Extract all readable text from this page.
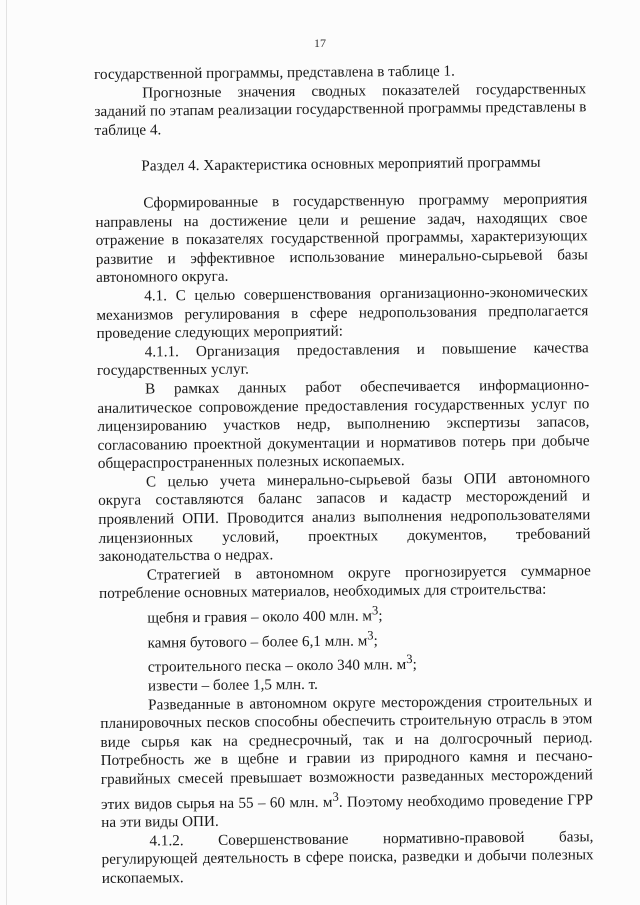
17

государственной программы, представлена в таблице 1.

Прогнозные значения сводных показателей государственных заданий по этапам реализации государственной программы представлены в таблице 4.

Раздел 4. Характеристика основных мероприятий программы

Сформированные в государственную программу мероприятия направлены на достижение цели и решение задач, находящих свое отражение в показателях государственной программы, характеризующих развитие и эффективное использование минерально-сырьевой базы автономного округа.

4.1. С целью совершенствования организационно-экономических механизмов регулирования в сфере недропользования предполагается проведение следующих мероприятий:

4.1.1. Организация предоставления и повышение качества государственных услуг.

В рамках данных работ обеспечивается информационно-аналитическое сопровождение предоставления государственных услуг по лицензированию участков недр, выполнению экспертизы запасов, согласованию проектной документации и нормативов потерь при добыче общераспространенных полезных ископаемых.

С целью учета минерально-сырьевой базы ОПИ автономного округа составляются баланс запасов и кадастр месторождений и проявлений ОПИ. Проводится анализ выполнения недропользователями лицензионных условий, проектных документов, требований законодательства о недрах.

Стратегией в автономном округе прогнозируется суммарное потребление основных материалов, необходимых для строительства:

щебня и гравия – около 400 млн. $м^3$;

камня бутового – более 6,1 млн. $м^3$;

строительного песка – около 340 млн. $м^3$;

извести – более 1,5 млн. т.

Разведанные в автономном округе месторождения строительных и планировочных песков способны обеспечить строительную отрасль в этом виде сырья как на среднесрочный, так и на долгосрочный период. Потребность же в щебне и гравии из природного камня и песчано-гравийных смесей превышает возможности разведанных месторождений этих видов сырья на 55 – 60 млн. $м^3$. Поэтому необходимо проведение ГРР на эти виды ОПИ.

4.1.2. Совершенствование нормативно-правовой базы, регулирующей деятельность в сфере поиска, разведки и добычи полезных ископаемых.
